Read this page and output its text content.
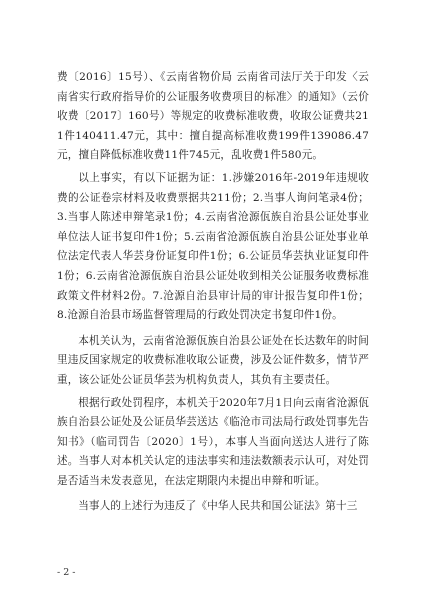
费〔2016〕15号）、《云南省物价局 云南省司法厅关于印发〈云南省实行政府指导价的公证服务收费项目的标准〉的通知》（云价收费〔2017〕160号）等规定的收费标准收费，收取公证费共211件140411.47元，其中：擅自提高标准收费199件139086.47元，擅自降低标准收费11件745元，乱收费1件580元。

以上事实，有以下证据为证：1.涉嫌2016年-2019年违规收费的公证卷宗材料及收费票据共211份；2.当事人询问笔录4份；3.当事人陈述申辩笔录1份；4.云南省沧源佤族自治县公证处事业单位法人证书复印件1份；5.云南省沧源佤族自治县公证处事业单位法定代表人华芸身份证复印件1份；6.公证员华芸执业证复印件1份；6.云南省沧源佤族自治县公证处收到相关公证服务收费标准政策文件材料2份。7.沧源自治县审计局的审计报告复印件1份；8.沧源自治县市场监督管理局的行政处罚决定书复印件1份。

本机关认为，云南省沧源佤族自治县公证处在长达数年的时间里违反国家规定的收费标准收取公证费，涉及公证件数多，情节严重，该公证处公证员华芸为机构负责人，其负有主要责任。

根据行政处罚程序，本机关于2020年7月1日向云南省沧源佤族自治县公证处及公证员华芸送达《临沧市司法局行政处罚事先告知书》（临司罚告〔2020〕1号），本事人当面向送达人进行了陈述。当事人对本机关认定的违法事实和违法数额表示认可，对处罚是否适当未发表意见，在法定期限内未提出申辩和听证。

当事人的上述行为违反了《中华人民共和国公证法》第十三

- 2 -
